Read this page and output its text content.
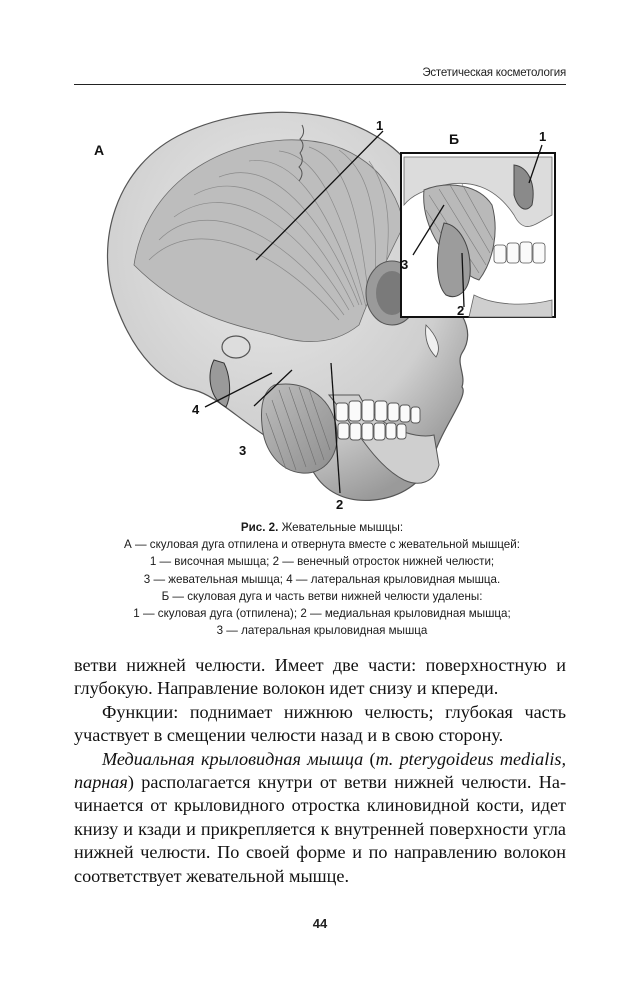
Эстетическая косметология
А
Б
1
2
3
4
1
2
3
Рис. 2. Жевательные мышцы:
А — скуловая дуга отпилена и отвернута вместе с жевательной мышцей:
1 — височная мышца; 2 — венечный отросток нижней челюсти;
3 — жевательная мышца; 4 — латеральная крыловидная мышца.
Б — скуловая дуга и часть ветви нижней челюсти удалены:
1 — скуловая дуга (отпилена); 2 — медиальная крыловидная мышца;
3 — латеральная крыловидная мышца
ветви нижней челюсти. Имеет две части: поверхностную и
глубокую. Направление волокон идет снизу и кпереди.
Функции: поднимает нижнюю челюсть; глубокая часть
участвует в смещении челюсти назад и в свою сторону.
Медиальная крыловидная мышца (m. pterygoideus medialis,
парная) располагается кнутри от ветви нижней челюсти. На-
чинается от крыловидного отростка клиновидной кости, идет
книзу и кзади и прикрепляется к внутренней поверхности угла
нижней челюсти. По своей форме и по направлению волокон
соответствует жевательной мышце.
44
